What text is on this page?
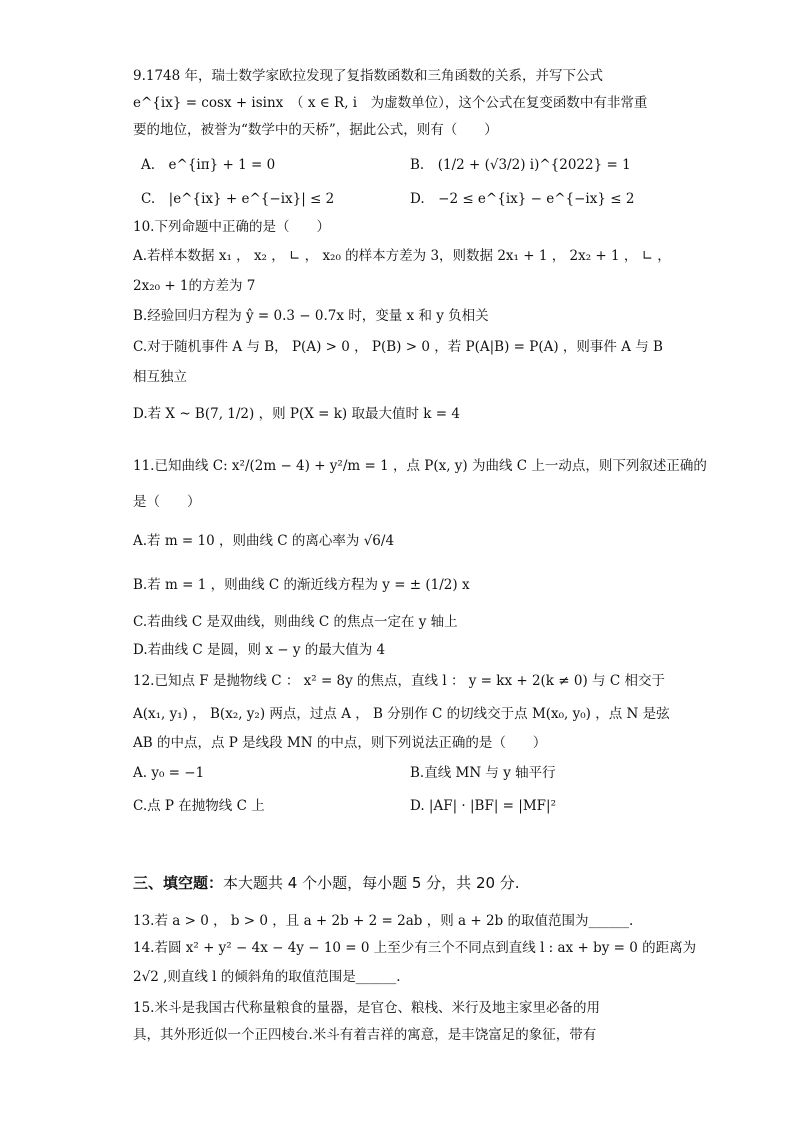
9.1748 年，瑞士数学家欧拉发现了复指数函数和三角函数的关系，并写下公式
e^{ix} = cosx + isinx　（ x ∈ R, i　为虚数单位），这个公式在复变函数中有非常重
要的地位，被誉为“数学中的天桥”，据此公式，则有（　　）
A.　e^{iπ} + 1 = 0	B.　(1/2 + (√3/2) i)^{2022} = 1
C.　|e^{ix} + e^{−ix}| ≤ 2	D.　−2 ≤ e^{ix} − e^{−ix} ≤ 2
10.下列命题中正确的是（　　）
A.若样本数据 x₁ ， x₂ ， ∟ ， x₂₀ 的样本方差为 3，则数据 2x₁ + 1 ， 2x₂ + 1 ， ∟ ，
2x₂₀ + 1的方差为 7
B.经验回归方程为 ŷ = 0.3 − 0.7x 时，变量 x 和 y 负相关
C.对于随机事件 A 与 B， P(A) > 0 ， P(B) > 0 ，若 P(A|B) = P(A) ，则事件 A 与 B
相互独立
D.若 X ~ B(7, 1/2) ，则 P(X = k) 取最大值时 k = 4
11.已知曲线 C: x²/(2m − 4) + y²/m = 1 ，点 P(x, y) 为曲线 C 上一动点，则下列叙述正确的
是（　　）
A.若 m = 10 ，则曲线 C 的离心率为 √6/4
B.若 m = 1 ，则曲线 C 的渐近线方程为 y = ± (1/2) x
C.若曲线 C 是双曲线，则曲线 C 的焦点一定在 y 轴上
D.若曲线 C 是圆，则 x − y 的最大值为 4
12.已知点 F 是抛物线 C ： x² = 8y 的焦点，直线 l ： y = kx + 2(k ≠ 0) 与 C 相交于
A(x₁, y₁) ， B(x₂, y₂) 两点，过点 A ， B 分别作 C 的切线交于点 M(x₀, y₀) ，点 N 是弦
AB 的中点，点 P 是线段 MN 的中点，则下列说法正确的是（　　）
A. y₀ = −1	B.直线 MN 与 y 轴平行
C.点 P 在抛物线 C 上	D. |AF| · |BF| = |MF|²
三、填空题：本大题共 4 个小题，每小题 5 分，共 20 分.
13.若 a > 0 ， b > 0 ，且 a + 2b + 2 = 2ab ，则 a + 2b 的取值范围为______.
14.若圆 x² + y² − 4x − 4y − 10 = 0 上至少有三个不同点到直线 l : ax + by = 0 的距离为
2√2 ,则直线 l 的倾斜角的取值范围是______.
15.米斗是我国古代称量粮食的量器，是官仓、粮栈、米行及地主家里必备的用
具，其外形近似一个正四棱台.米斗有着吉祥的寓意，是丰饶富足的象征，带有
